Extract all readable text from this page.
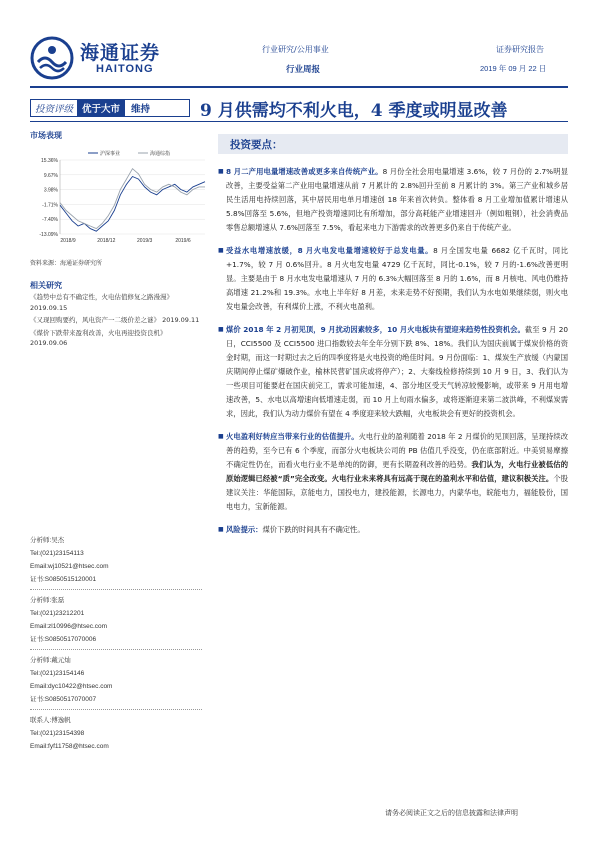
海通证券
HAITONG
行业研究/公用事业
行业周报
证券研究报告
2019 年 09 月 22 日
投资评级 优于大市	维持	9 月供需均不利火电，4 季度或明显改善
市场表现
15.36%
9.67%
3.98%
-1.71%
-7.40%
-13.09%
2018/9	2018/12	2019/3	2019/6
沪深事业	海通综指
资料来源：海通证券研究所
相关研究
《趋势中总有不确定性，火电估值修复之路漫漫》 2019.09.15
《又现回购要约，风电资产一二级价差之谜》 2019.09.11
《煤价下跌带来盈利改善，火电再迎投资良机》 2019.09.06
分析师:吴杰
Tel:(021)23154113
Email:wj10521@htsec.com
证书:S0850515120001
分析师:张磊
Tel:(021)23212201
Email:zl10996@htsec.com
证书:S0850517070006
分析师:戴元灿
Tel:(021)23154146
Email:dyc10422@htsec.com
证书:S0850517070007
联系人:傅逸帆
Tel:(021)23154398
Email:fyf11758@htsec.com
投资要点：
■ 8 月二产用电量增速改善或更多来自传统产业。8 月份全社会用电量增速 3.6%，较 7 月份的 2.7%明显改善，主要受益第二产业用电量增速从前 7 月累计的 2.8%回升至前 8 月累计的 3%。第三产业和城乡居民生活用电持续回落，其中居民用电单月增速创 18 年来首次转负。整体看 8 月工业增加值累计增速从 5.8%回落至 5.6%，但地产投资增速同比有所增加，部分高耗能产业增速回升（例如粗钢），社会消费品零售总额增速从 7.6%回落至 7.5%，看起来电力下游需求的改善更多仍来自于传统产业。
■ 受益水电增速放缓，8 月火电发电量增速较好于总发电量。8 月全国发电量 6682 亿千瓦时，同比+1.7%，较 7 月 0.6%回升。8 月火电发电量 4729 亿千瓦时，同比-0.1%，较 7 月的-1.6%改善更明显。主要是由于 8 月水电发电量增速从 7 月的 6.3%大幅回落至 8 月的 1.6%，而 8 月核电、风电仍维持高增速 21.2%和 19.3%。水电上半年好 8 月差，未来走势不好预期，我们认为水电如果继续弱，则火电发电量会改善，有利煤价上涨，不利火电盈利。
■ 煤价 2018 年 2 月初见顶，9 月扰动因素较多，10 月火电板块有望迎来趋势性投资机会。截至 9 月 20 日，CCI5500 及 CCI5500 进口指数较去年全年分别下跌 8%、18%。我们认为国庆前属于煤炭价格的资金时期，而这一时期过去之后的四季度将是火电投资的绝佳时间。9 月份面临：1、煤炭生产放缓（内蒙国庆期间停止煤矿爆破作业，榆林民营矿国庆或将停产）；2、大秦线检修持续到 10 月 9 日，3、我们认为一些项目可能要赶在国庆前完工，需求可能加速，4、部分地区受天气转凉较慢影响，或带来 9 月用电增速改善，5、水电以高增速向低增速走弱，而 10 月上旬雨水偏多，或将逐渐迎来第二波洪峰，不利煤炭需求，因此，我们认为动力煤价有望在 4 季度迎来较大跌幅，火电板块会有更好的投资机会。
■ 火电盈利好转应当带来行业的估值提升。火电行业的盈利随着 2018 年 2 月煤价的见顶回落，呈现持续改善的趋势，至今已有 6 个季度，而部分火电板块公司的 PB 估值几乎没变，仍在底部附近。中美贸易摩擦不确定性仍在，而看火电行业不是单纯的防御，更有长期盈利改善的趋势。我们认为，火电行业被低估的原始逻辑已经被“质”完全改变。火电行业未来将具有远高于现在的盈利水平和估值，建议积极关注。个股建议关注：华能国际，京能电力，国投电力，建投能源，长源电力，内蒙华电，皖能电力，福能股份，国电电力，宝新能源。
■ 风险提示：煤价下跌的时间具有不确定性。
请务必阅读正文之后的信息披露和法律声明
